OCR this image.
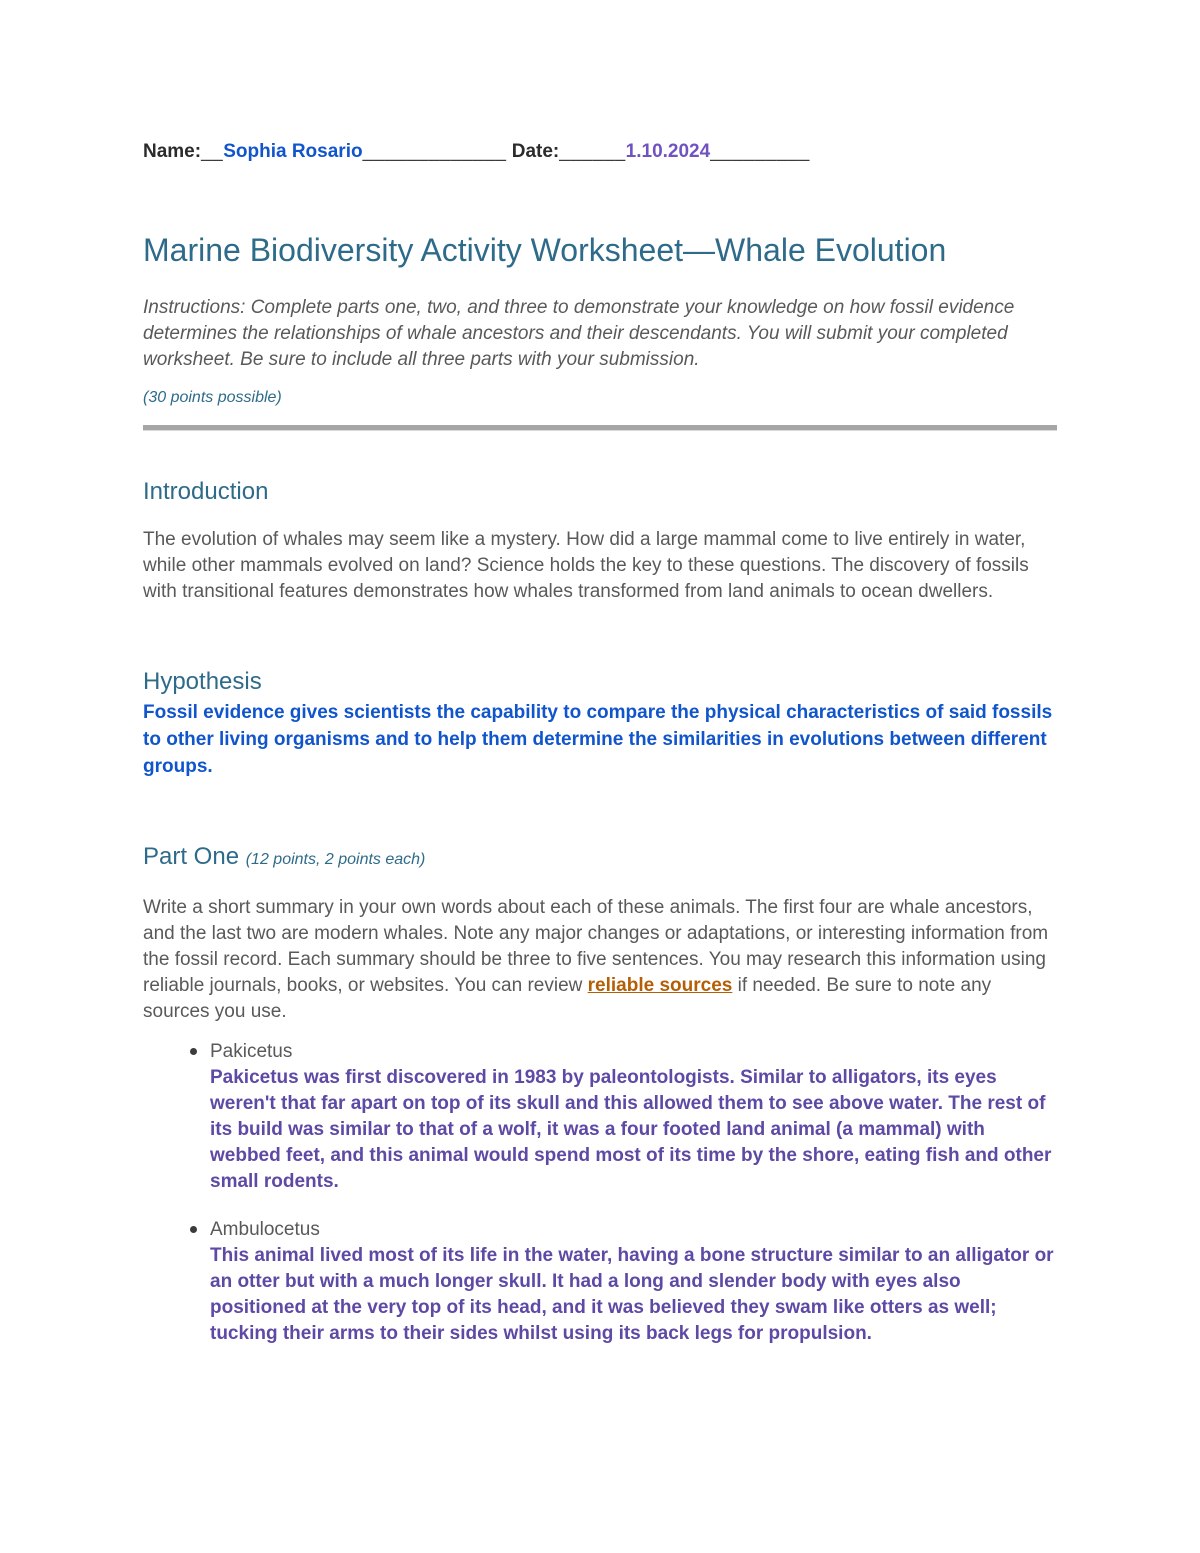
Name:__Sophia Rosario_____________ Date:______1.10.2024_________
Marine Biodiversity Activity Worksheet—Whale Evolution

Instructions: Complete parts one, two, and three to demonstrate your knowledge on how fossil evidence determines the relationships of whale ancestors and their descendants. You will submit your completed worksheet. Be sure to include all three parts with your submission.

(30 points possible)

Introduction

The evolution of whales may seem like a mystery. How did a large mammal come to live entirely in water, while other mammals evolved on land? Science holds the key to these questions. The discovery of fossils with transitional features demonstrates how whales transformed from land animals to ocean dwellers.

Hypothesis

Fossil evidence gives scientists the capability to compare the physical characteristics of said fossils to other living organisms and to help them determine the similarities in evolutions between different groups.

Part One (12 points, 2 points each)

Write a short summary in your own words about each of these animals. The first four are whale ancestors, and the last two are modern whales. Note any major changes or adaptations, or interesting information from the fossil record. Each summary should be three to five sentences. You may research this information using reliable journals, books, or websites. You can review reliable sources if needed. Be sure to note any sources you use.

Pakicetus
Pakicetus was first discovered in 1983 by paleontologists. Similar to alligators, its eyes weren't that far apart on top of its skull and this allowed them to see above water. The rest of its build was similar to that of a wolf, it was a four footed land animal (a mammal) with webbed feet, and this animal would spend most of its time by the shore, eating fish and other small rodents.
Ambulocetus
This animal lived most of its life in the water, having a bone structure similar to an alligator or an otter but with a much longer skull. It had a long and slender body with eyes also positioned at the very top of its head, and it was believed they swam like otters as well; tucking their arms to their sides whilst using its back legs for propulsion.
